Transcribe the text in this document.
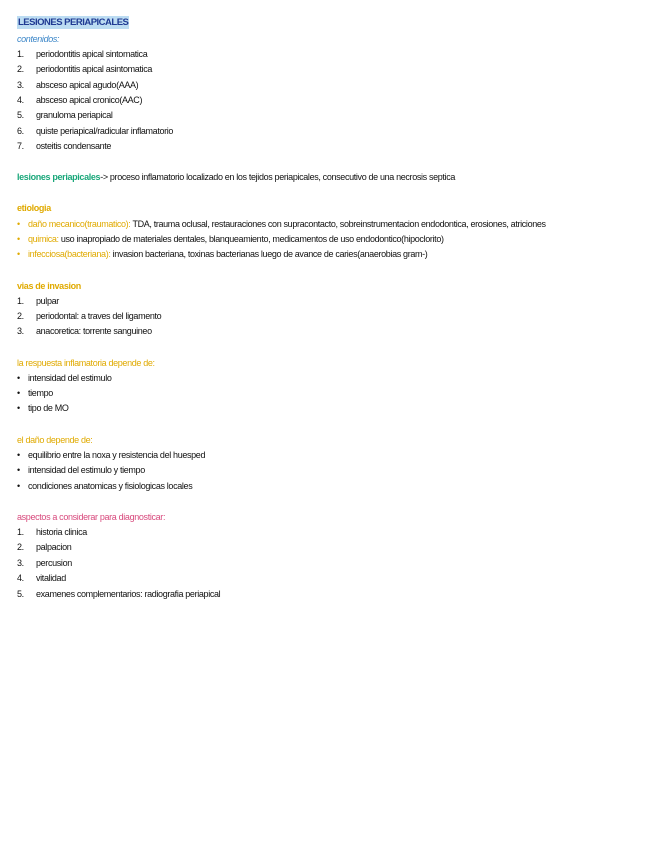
LESIONES PERIAPICALES
contenidos:
1. periodontitis apical sintomatica
2. periodontitis apical asintomatica
3. absceso apical agudo(AAA)
4. absceso apical cronico(AAC)
5. granuloma periapical
6. quiste periapical/radicular inflamatorio
7. osteitis condensante
lesiones periapicales-> proceso inflamatorio localizado en los tejidos periapicales, consecutivo de una necrosis septica
etiologia
• daño mecanico(traumatico): TDA, trauma oclusal, restauraciones con supracontacto, sobreinstrumentacion endodontica, erosiones, atriciones
• quimica: uso inapropiado de materiales dentales, blanqueamiento, medicamentos de uso endodontico(hipoclorito)
• infecciosa(bacteriana): invasion bacteriana, toxinas bacterianas luego de avance de caries(anaerobias gram-)
vias de invasion
1. pulpar
2. periodontal: a traves del ligamento
3. anacoretica: torrente sanguineo
la respuesta inflamatoria depende de:
• intensidad del estimulo
• tiempo
• tipo de MO
el daño depende de:
• equilibrio entre la noxa y resistencia del huesped
• intensidad del estimulo y tiempo
• condiciones anatomicas y fisiologicas locales
aspectos a considerar para diagnosticar:
1. historia clinica
2. palpacion
3. percusion
4. vitalidad
5. examenes complementarios: radiografia periapical
